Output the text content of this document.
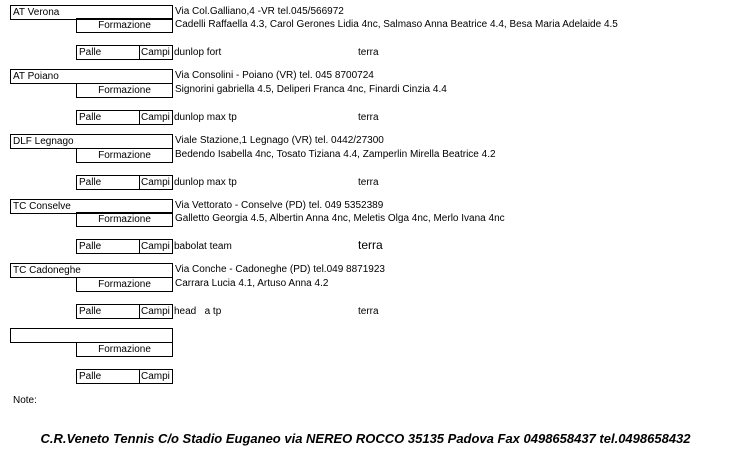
AT Verona	Via Col.Galliano,4 -VR tel.045/566972
Formazione	Cadelli Raffaella 4.3, Carol Gerones Lidia 4nc, Salmaso Anna Beatrice 4.4, Besa Maria Adelaide 4.5
Palle	Campi dunlop fort	terra
AT Poiano	Via Consolini - Poiano (VR) tel. 045 8700724
Formazione	Signorini gabriella 4.5, Deliperi Franca 4nc, Finardi Cinzia 4.4
Palle	Campi dunlop max tp	terra
DLF Legnago	Viale Stazione,1 Legnago (VR) tel. 0442/27300
Formazione	Bedendo Isabella 4nc, Tosato Tiziana 4.4, Zamperlin Mirella Beatrice 4.2
Palle	Campi dunlop max tp	terra
TC Conselve	Via Vettorato - Conselve (PD) tel. 049 5352389
Formazione	Galletto Georgia 4.5, Albertin Anna 4nc, Meletis Olga 4nc, Merlo Ivana 4nc
Palle	Campi babolat team	terra
TC Cadoneghe	Via Conche - Cadoneghe (PD) tel.049 8871923
Formazione	Carrara Lucia 4.1, Artuso Anna 4.2
Palle	Campi head   a tp	terra
Formazione
Palle	Campi
Note:
C.R.Veneto Tennis C/o Stadio Euganeo via NEREO ROCCO 35135 Padova Fax 0498658437 tel.0498658432
